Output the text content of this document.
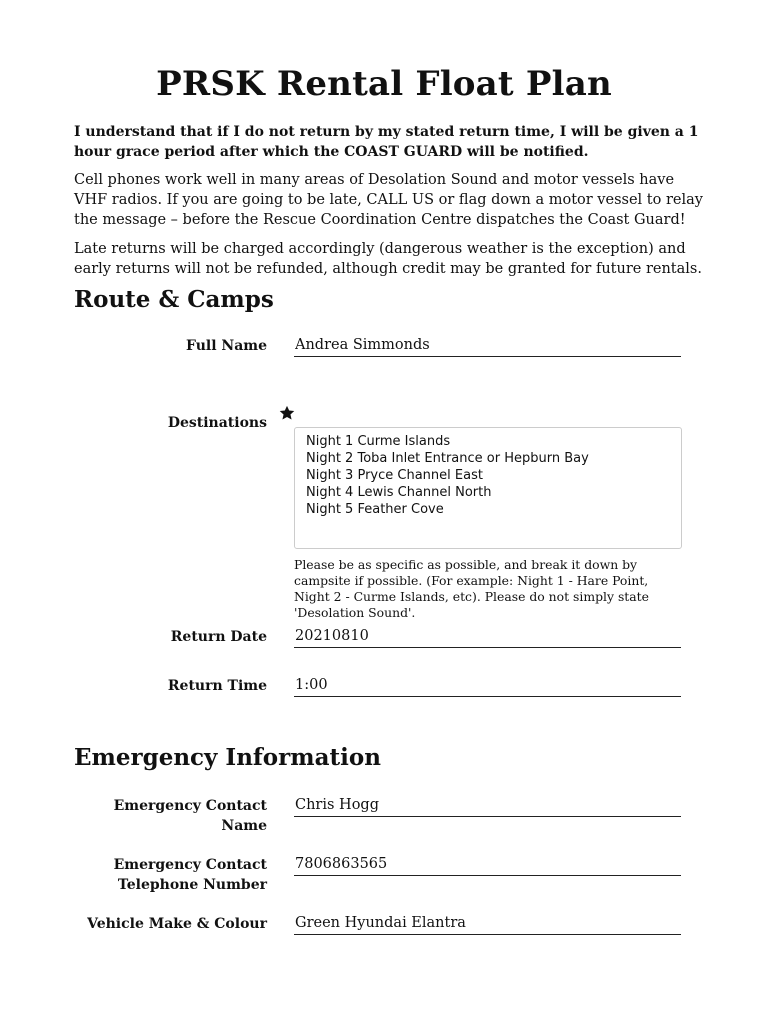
PRSK Rental Float Plan

I understand that if I do not return by my stated return time, I will be given a 1 hour grace period after which the COAST GUARD will be notified.

Cell phones work well in many areas of Desolation Sound and motor vessels have VHF radios. If you are going to be late, CALL US or flag down a motor vessel to relay the message – before the Rescue Coordination Centre dispatches the Coast Guard!

Late returns will be charged accordingly (dangerous weather is the exception) and early returns will not be refunded, although credit may be granted for future rentals.

Route & Camps

Full Name

Andrea Simmonds

Destinations

Night 1 Curme Islands Night 2 Toba Inlet Entrance or Hepburn Bay Night 3 Pryce Channel East Night 4 Lewis Channel North Night 5 Feather Cove

Please be as specific as possible, and break it down by campsite if possible. (For example: Night 1 - Hare Point, Night 2 - Curme Islands, etc). Please do not simply state 'Desolation Sound'.

Return Date

20210810

Return Time

1:00
Emergency Information

Emergency Contact Name

Chris Hogg

Emergency Contact Telephone Number

7806863565

Vehicle Make & Colour

Green Hyundai Elantra
